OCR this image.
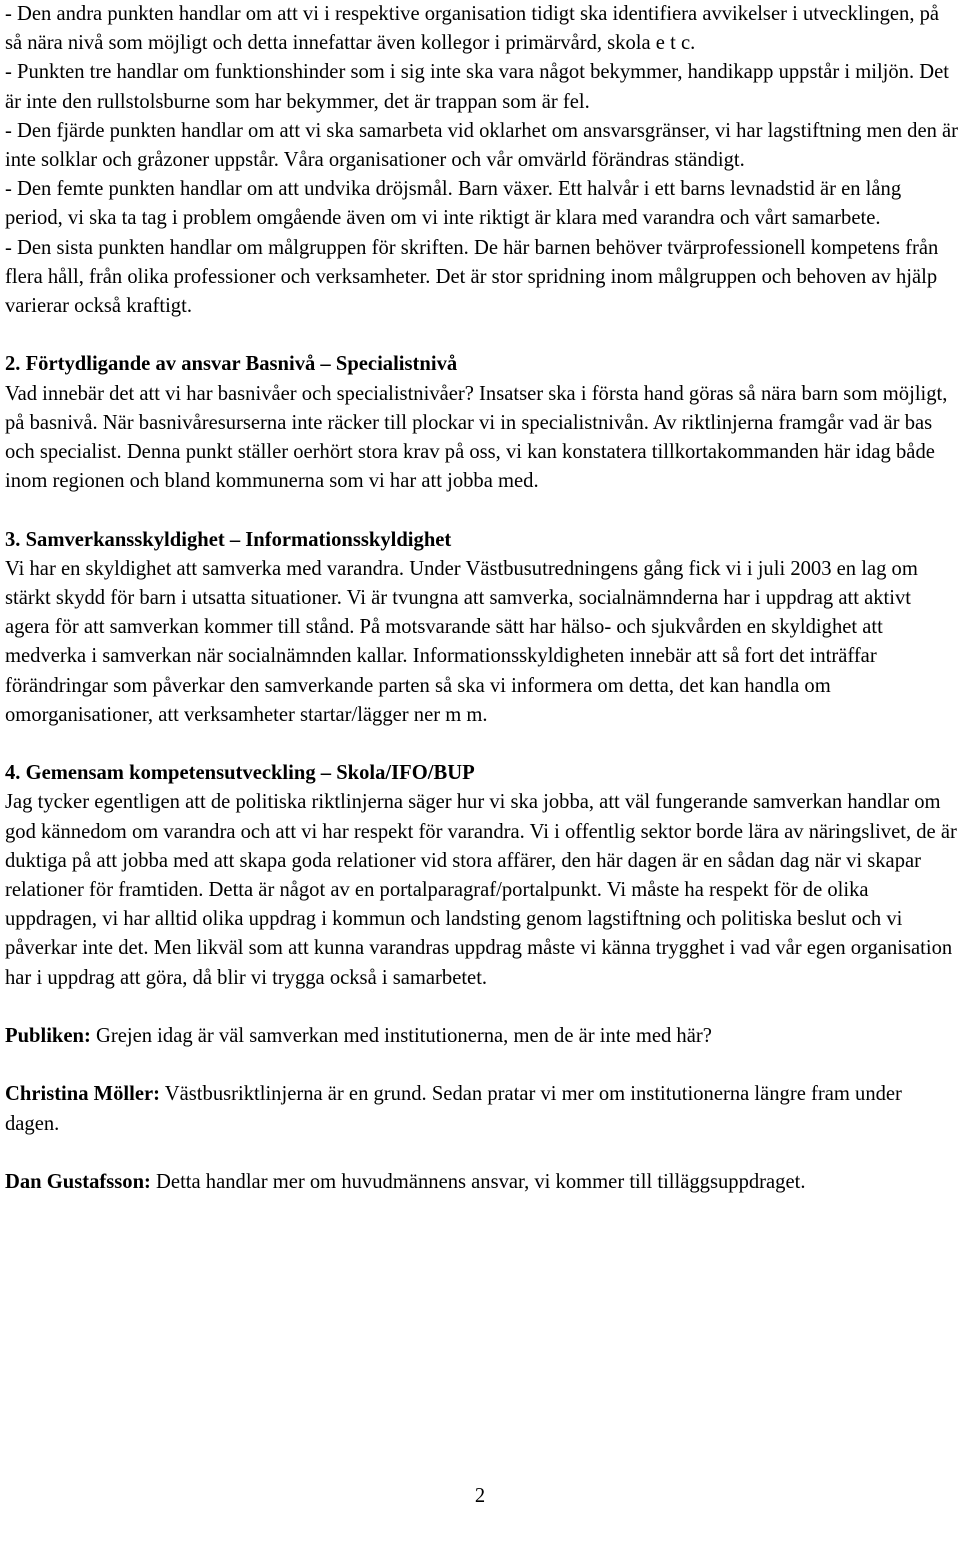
- Den andra punkten handlar om att vi i respektive organisation tidigt ska identifiera avvikelser i utvecklingen, på så nära nivå som möjligt och detta innefattar även kollegor i primärvård, skola e t c.

- Punkten tre handlar om funktionshinder som i sig inte ska vara något bekymmer, handikapp uppstår i miljön. Det är inte den rullstolsburne som har bekymmer, det är trappan som är fel.

- Den fjärde punkten handlar om att vi ska samarbeta vid oklarhet om ansvarsgränser, vi har lagstiftning men den är inte solklar och gråzoner uppstår. Våra organisationer och vår omvärld förändras ständigt.

- Den femte punkten handlar om att undvika dröjsmål. Barn växer. Ett halvår i ett barns levnadstid är en lång period, vi ska ta tag i problem omgående även om vi inte riktigt är klara med varandra och vårt samarbete.

- Den sista punkten handlar om målgruppen för skriften. De här barnen behöver tvärprofessionell kompetens från flera håll, från olika professioner och verksamheter. Det är stor spridning inom målgruppen och behoven av hjälp varierar också kraftigt.

2. Förtydligande av ansvar Basnivå – Specialistnivå

Vad innebär det att vi har basnivåer och specialistnivåer? Insatser ska i första hand göras så nära barn som möjligt, på basnivå. När basnivåresurserna inte räcker till plockar vi in specialistnivån. Av riktlinjerna framgår vad är bas och specialist. Denna punkt ställer oerhört stora krav på oss, vi kan konstatera tillkortakommanden här idag både inom regionen och bland kommunerna som vi har att jobba med.

3. Samverkansskyldighet – Informationsskyldighet

Vi har en skyldighet att samverka med varandra. Under Västbusutredningens gång fick vi i juli 2003 en lag om stärkt skydd för barn i utsatta situationer. Vi är tvungna att samverka, socialnämnderna har i uppdrag att aktivt agera för att samverkan kommer till stånd. På motsvarande sätt har hälso- och sjukvården en skyldighet att medverka i samverkan när socialnämnden kallar. Informationsskyldigheten innebär att så fort det inträffar förändringar som påverkar den samverkande parten så ska vi informera om detta, det kan handla om omorganisationer, att verksamheter startar/lägger ner m m.

4. Gemensam kompetensutveckling – Skola/IFO/BUP

Jag tycker egentligen att de politiska riktlinjerna säger hur vi ska jobba, att väl fungerande samverkan handlar om god kännedom om varandra och att vi har respekt för varandra. Vi i offentlig sektor borde lära av näringslivet, de är duktiga på att jobba med att skapa goda relationer vid stora affärer, den här dagen är en sådan dag när vi skapar relationer för framtiden. Detta är något av en portalparagraf/portalpunkt. Vi måste ha respekt för de olika uppdragen, vi har alltid olika uppdrag i kommun och landsting genom lagstiftning och politiska beslut och vi påverkar inte det. Men likväl som att kunna varandras uppdrag måste vi känna trygghet i vad vår egen organisation har i uppdrag att göra, då blir vi trygga också i samarbetet.

Publiken: Grejen idag är väl samverkan med institutionerna, men de är inte med här?

Christina Möller: Västbusriktlinjerna är en grund. Sedan pratar vi mer om institutionerna längre fram under dagen.

Dan Gustafsson: Detta handlar mer om huvudmännens ansvar, vi kommer till tilläggsuppdraget.

2
